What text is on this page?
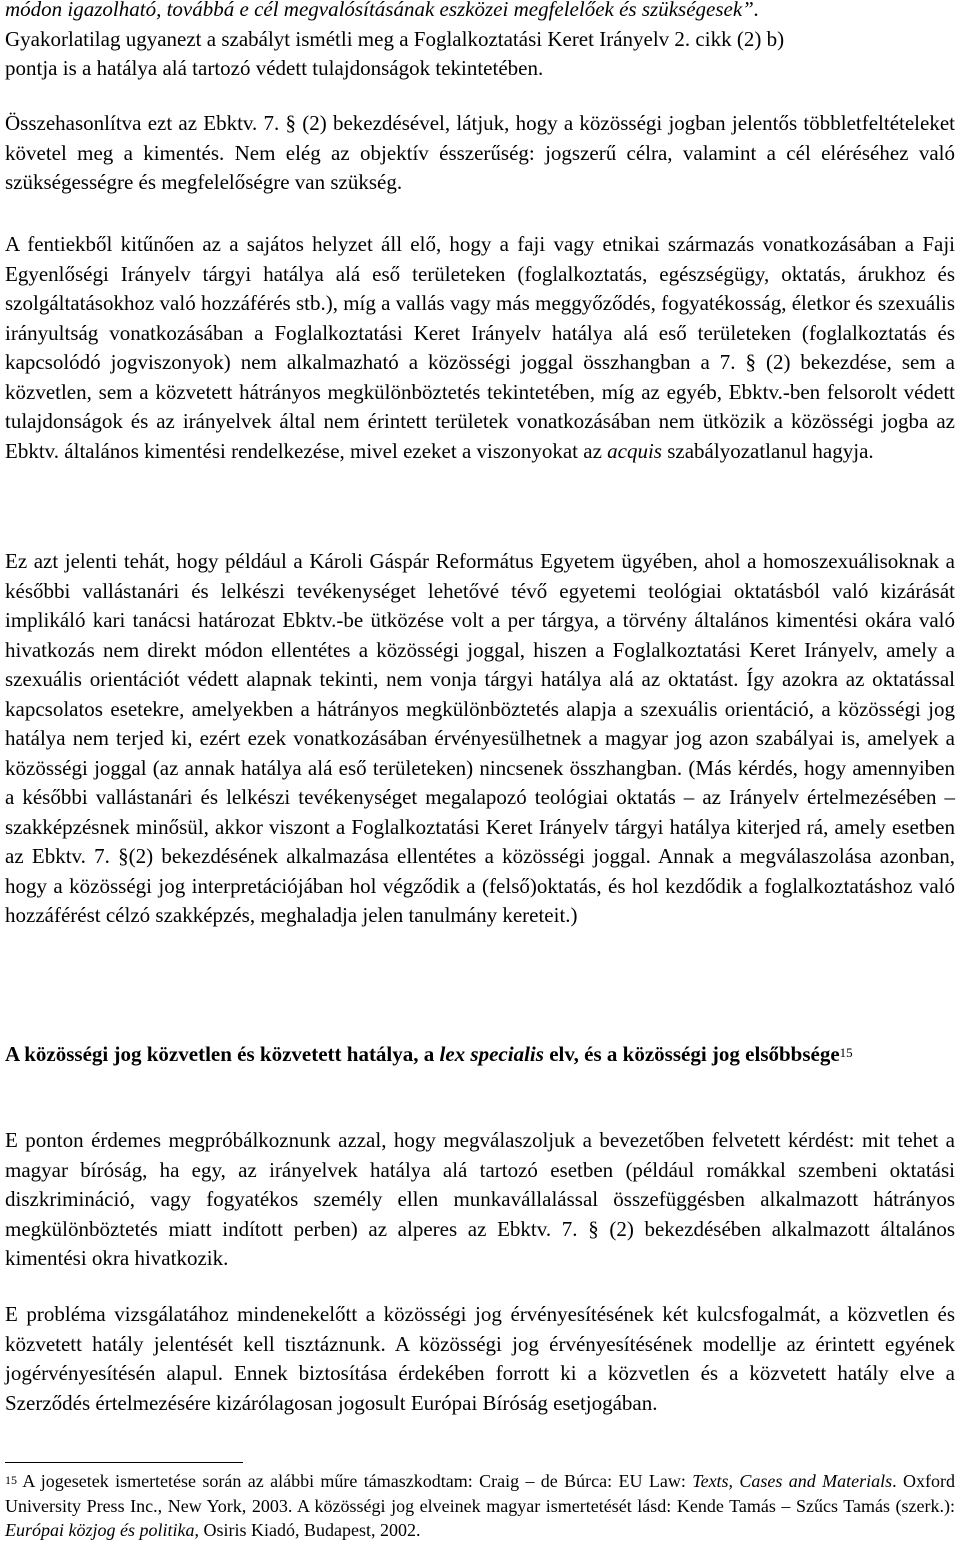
módon igazolható, továbbá e cél megvalósításának eszközei megfelelőek és szükségesek”.
Gyakorlatilag ugyanezt a szabályt ismétli meg a Foglalkoztatási Keret Irányelv 2. cikk (2) b)
pontja is a hatálya alá tartozó védett tulajdonságok tekintetében.

Összehasonlítva ezt az Ebktv. 7. § (2) bekezdésével, látjuk, hogy a közösségi jogban jelentős többletfeltételeket követel meg a kimentés. Nem elég az objektív ésszerűség: jogszerű célra, valamint a cél eléréséhez való szükségességre és megfelelőségre van szükség.

A fentiekből kitűnően az a sajátos helyzet áll elő, hogy a faji vagy etnikai származás vonatkozásában a Faji Egyenlőségi Irányelv tárgyi hatálya alá eső területeken (foglalkoztatás, egészségügy, oktatás, árukhoz és szolgáltatásokhoz való hozzáférés stb.), míg a vallás vagy más meggyőződés, fogyatékosság, életkor és szexuális irányultság vonatkozásában a Foglalkoztatási Keret Irányelv hatálya alá eső területeken (foglalkoztatás és kapcsolódó jogviszonyok) nem alkalmazható a közösségi joggal összhangban a 7. § (2) bekezdése, sem a közvetlen, sem a közvetett hátrányos megkülönböztetés tekintetében, míg az egyéb, Ebktv.-ben felsorolt védett tulajdonságok és az irányelvek által nem érintett területek vonatkozásában nem ütközik a közösségi jogba az Ebktv. általános kimentési rendelkezése, mivel ezeket a viszonyokat az acquis szabályozatlanul hagyja.

Ez azt jelenti tehát, hogy például a Károli Gáspár Református Egyetem ügyében, ahol a homoszexuálisoknak a későbbi vallástanári és lelkészi tevékenységet lehetővé tévő egyetemi teológiai oktatásból való kizárását implikáló kari tanácsi határozat Ebktv.-be ütközése volt a per tárgya, a törvény általános kimentési okára való hivatkozás nem direkt módon ellentétes a közösségi joggal, hiszen a Foglalkoztatási Keret Irányelv, amely a szexuális orientációt védett alapnak tekinti, nem vonja tárgyi hatálya alá az oktatást. Így azokra az oktatással kapcsolatos esetekre, amelyekben a hátrányos megkülönböztetés alapja a szexuális orientáció, a közösségi jog hatálya nem terjed ki, ezért ezek vonatkozásában érvényesülhetnek a magyar jog azon szabályai is, amelyek a közösségi joggal (az annak hatálya alá eső területeken) nincsenek összhangban. (Más kérdés, hogy amennyiben a későbbi vallástanári és lelkészi tevékenységet megalapozó teológiai oktatás – az Irányelv értelmezésében – szakképzésnek minősül, akkor viszont a Foglalkoztatási Keret Irányelv tárgyi hatálya kiterjed rá, amely esetben az Ebktv. 7. §(2) bekezdésének alkalmazása ellentétes a közösségi joggal. Annak a megválaszolása azonban, hogy a közösségi jog interpretációjában hol végződik a (felső)oktatás, és hol kezdődik a foglalkoztatáshoz való hozzáférést célzó szakképzés, meghaladja jelen tanulmány kereteit.)

A közösségi jog közvetlen és közvetett hatálya, a lex specialis elv, és a közösségi jog elsőbbsége$^{15}$

E ponton érdemes megpróbálkoznunk azzal, hogy megválaszoljuk a bevezetőben felvetett kérdést: mit tehet a magyar bíróság, ha egy, az irányelvek hatálya alá tartozó esetben (például romákkal szembeni oktatási diszkrimináció, vagy fogyatékos személy ellen munkavállalással összefüggésben alkalmazott hátrányos megkülönböztetés miatt indított perben) az alperes az Ebktv. 7. § (2) bekezdésében alkalmazott általános kimentési okra hivatkozik.

E probléma vizsgálatához mindenekelőtt a közösségi jog érvényesítésének két kulcsfogalmát, a közvetlen és közvetett hatály jelentését kell tisztáznunk. A közösségi jog érvényesítésének modellje az érintett egyének jogérvényesítésén alapul. Ennek biztosítása érdekében forrott ki a közvetlen és a közvetett hatály elve a Szerződés értelmezésére kizárólagosan jogosult Európai Bíróság esetjogában.

$^{15}$ A jogesetek ismertetése során az alábbi műre támaszkodtam: Craig – de Búrca: EU Law: Texts, Cases and Materials. Oxford University Press Inc., New York, 2003. A közösségi jog elveinek magyar ismertetését lásd: Kende Tamás – Szűcs Tamás (szerk.): Európai közjog és politika, Osiris Kiadó, Budapest, 2002.
